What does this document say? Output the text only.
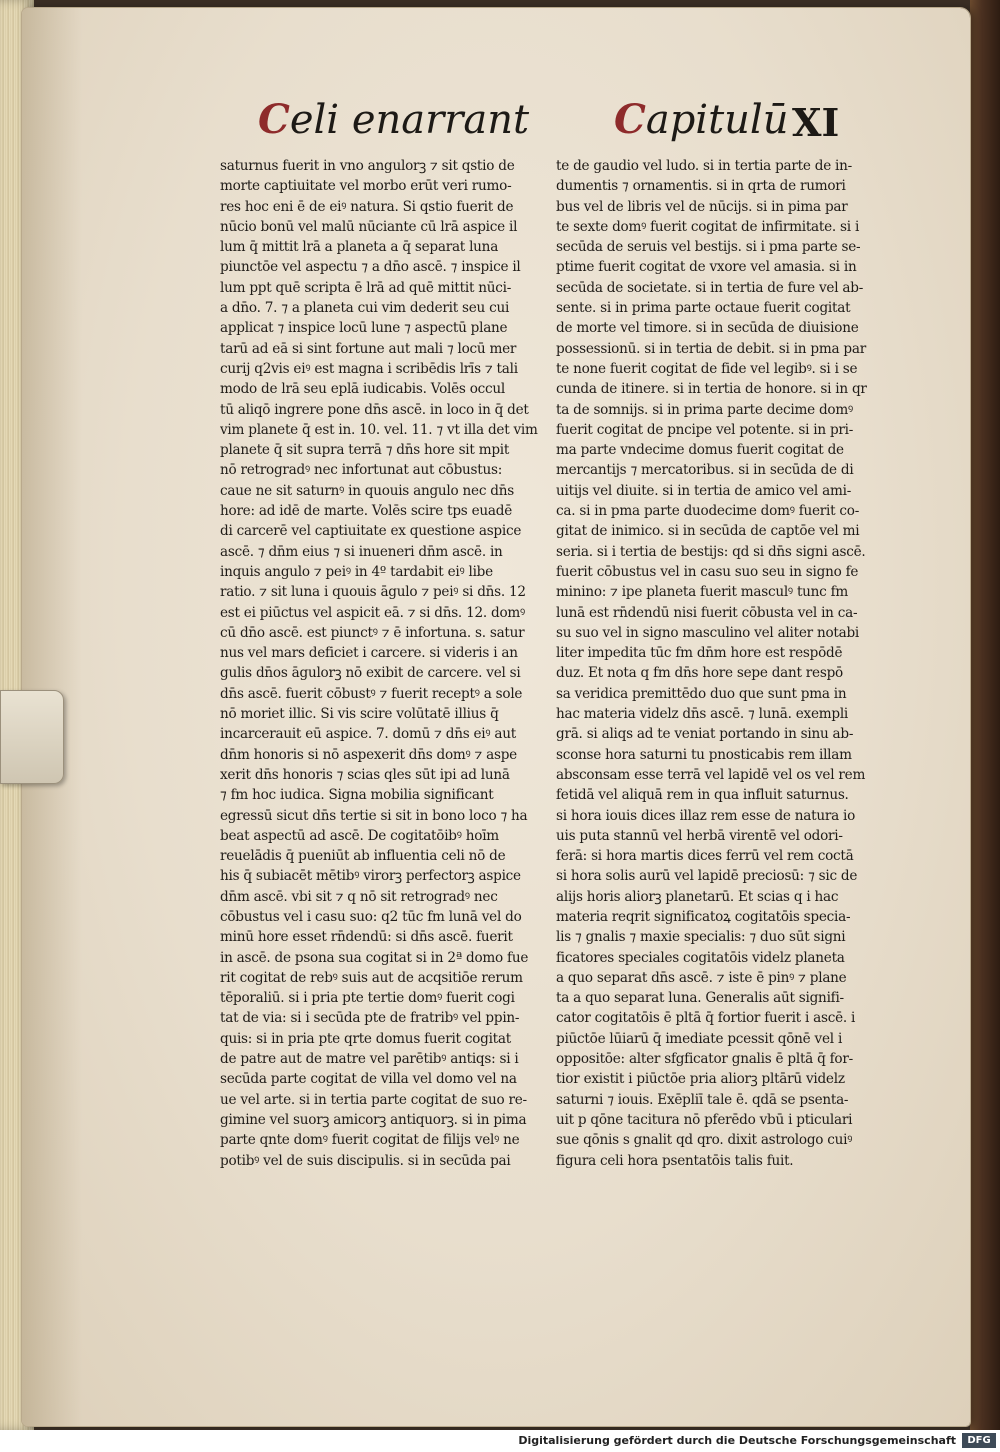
Celi enarrant Capitulū XI
saturnus fuerit in vno angulorꝫ ⁊ sit qstio de
morte captiuitate vel morbo erūt veri rumo-
res hoc eni ē de eiꝰ natura. Si qstio fuerit de
nūcio bonū vel malū nūciante cū lrā aspice il
lum q̄ mittit lrā a planeta a q̄ separat luna
piunctōe vel aspectu ⁊ a dn̄o ascē. ⁊ inspice il
lum ppt quē scripta ē lrā ad quē mittit nūci-
a dn̄o. 7. ⁊ a planeta cui vim dederit seu cui
applicat ⁊ inspice locū lune ⁊ aspectū plane
tarū ad eā si sint fortune aut mali ⁊ locū mer
curij q2vis eiꝰ est magna i scribēdis lrīs ⁊ tali
modo de lrā seu eplā iudicabis. Volēs occul
tū aliqō ingrere pone dn̄s ascē. in loco in q̄ det
vim planete q̄ est in. 10. vel. 11. ⁊ vt illa det vim
planete q̄ sit supra terrā ⁊ dn̄s hore sit mpit
nō retrogradꝰ nec infortunat aut cōbustus:
caue ne sit saturnꝰ in quouis angulo nec dn̄s
hore: ad idē de marte. Volēs scire tps euadē
di carcerē vel captiuitate ex questione aspice
ascē. ⁊ dn̄m eius ⁊ si inueneri dn̄m ascē. in
inquis angulo ⁊ peiꝰ in 4º tardabit eiꝰ libe
ratio. ⁊ sit luna i quouis āgulo ⁊ peiꝰ si dn̄s. 12
est ei piūctus vel aspicit eā. ⁊ si dn̄s. 12. domꝰ
cū dn̄o ascē. est piunctꝰ ⁊ ē infortuna. s. satur
nus vel mars deficiet i carcere. si videris i an
gulis dn̄os āgulorꝫ nō exibit de carcere. vel si
dn̄s ascē. fuerit cōbustꝰ ⁊ fuerit receptꝰ a sole
nō moriet illic. Si vis scire volūtatē illius q̄
incarcerauit eū aspice. 7. domū ⁊ dn̄s eiꝰ aut
dn̄m honoris si nō aspexerit dn̄s domꝰ ⁊ aspe
xerit dn̄s honoris ⁊ scias qles sūt ipi ad lunā
⁊ fm hoc iudica. Signa mobilia significant
egressū sicut dn̄s tertie si sit in bono loco ⁊ ha
beat aspectū ad ascē. De cogitatōibꝰ hoīm
reuelādis q̄ pueniūt ab influentia celi nō de
his q̄ subiacēt mētibꝰ virorꝫ perfectorꝫ aspice
dn̄m ascē. vbi sit ⁊ q nō sit retrogradꝰ nec
cōbustus vel i casu suo: q2 tūc fm lunā vel do
minū hore esset rn̄dendū: si dn̄s ascē. fuerit
in ascē. de psona sua cogitat si in 2ª domo fue
rit cogitat de rebꝰ suis aut de acqsitiōe rerum
tēporaliū. si i pria pte tertie domꝰ fuerit cogi
tat de via: si i secūda pte de fratribꝰ vel ppin-
quis: si in pria pte qrte domus fuerit cogitat
de patre aut de matre vel parētibꝰ antiqs: si i
secūda parte cogitat de villa vel domo vel na
ue vel arte. si in tertia parte cogitat de suo re-
gimine vel suorꝫ amicorꝫ antiquorꝫ. si in pima
parte qnte domꝰ fuerit cogitat de filijs velꝰ ne
potibꝰ vel de suis discipulis. si in secūda pai
te de gaudio vel ludo. si in tertia parte de in-
dumentis ⁊ ornamentis. si in qrta de rumori
bus vel de libris vel de nūcijs. si in pima par
te sexte domꝰ fuerit cogitat de infirmitate. si i
secūda de seruis vel bestijs. si i pma parte se-
ptime fuerit cogitat de vxore vel amasia. si in
secūda de societate. si in tertia de fure vel ab-
sente. si in prima parte octaue fuerit cogitat
de morte vel timore. si in secūda de diuisione
possessionū. si in tertia de debit. si in pma par
te none fuerit cogitat de fide vel legibꝰ. si i se
cunda de itinere. si in tertia de honore. si in qr
ta de somnijs. si in prima parte decime domꝰ
fuerit cogitat de pncipe vel potente. si in pri-
ma parte vndecime domus fuerit cogitat de
mercantijs ⁊ mercatoribus. si in secūda de di
uitijs vel diuite. si in tertia de amico vel ami-
ca. si in pma parte duodecime domꝰ fuerit co-
gitat de inimico. si in secūda de captōe vel mi
seria. si i tertia de bestijs: qd si dn̄s signi ascē.
fuerit cōbustus vel in casu suo seu in signo fe
minino: ⁊ ipe planeta fuerit masculꝰ tunc fm
lunā est rn̄dendū nisi fuerit cōbusta vel in ca-
su suo vel in signo masculino vel aliter notabi
liter impedita tūc fm dn̄m hore est respōdē
duz. Et nota q fm dn̄s hore sepe dant respō
sa veridica premittēdo duo que sunt pma in
hac materia videlz dn̄s ascē. ⁊ lunā. exempli
grā. si aliqs ad te veniat portando in sinu ab-
sconse hora saturni tu pnosticabis rem illam
absconsam esse terrā vel lapidē vel os vel rem
fetidā vel aliquā rem in qua influit saturnus.
si hora iouis dices illaz rem esse de natura io
uis puta stannū vel herbā virentē vel odori-
ferā: si hora martis dices ferrū vel rem coctā
si hora solis aurū vel lapidē preciosū: ⁊ sic de
alijs horis aliorꝫ planetarū. Et scias q i hac
materia reqrit significatoꝝ cogitatōis specia-
lis ⁊ gnalis ⁊ maxie specialis: ⁊ duo sūt signi
ficatores speciales cogitatōis videlz planeta
a quo separat dn̄s ascē. ⁊ iste ē pinꝰ ⁊ plane
ta a quo separat luna. Generalis aūt signifi-
cator cogitatōis ē pltā q̄ fortior fuerit i ascē. i
piūctōe lūiarū q̄ imediate pcessit qōnē vel i
oppositōe: alter sfgficator gnalis ē pltā q̄ for-
tior existit i piūctōe pria aliorꝫ pltārū videlz
saturni ⁊ iouis. Exēpliī tale ē. qdā se psenta-
uit p qōne tacitura nō pferēdo vbū i pticulari
sue qōnis s gnalit qd qro. dixit astrologo cuiꝰ
figura celi hora psentatōis talis fuit.
Digitalisierung gefördert durch die Deutsche Forschungsgemeinschaft	DFG
